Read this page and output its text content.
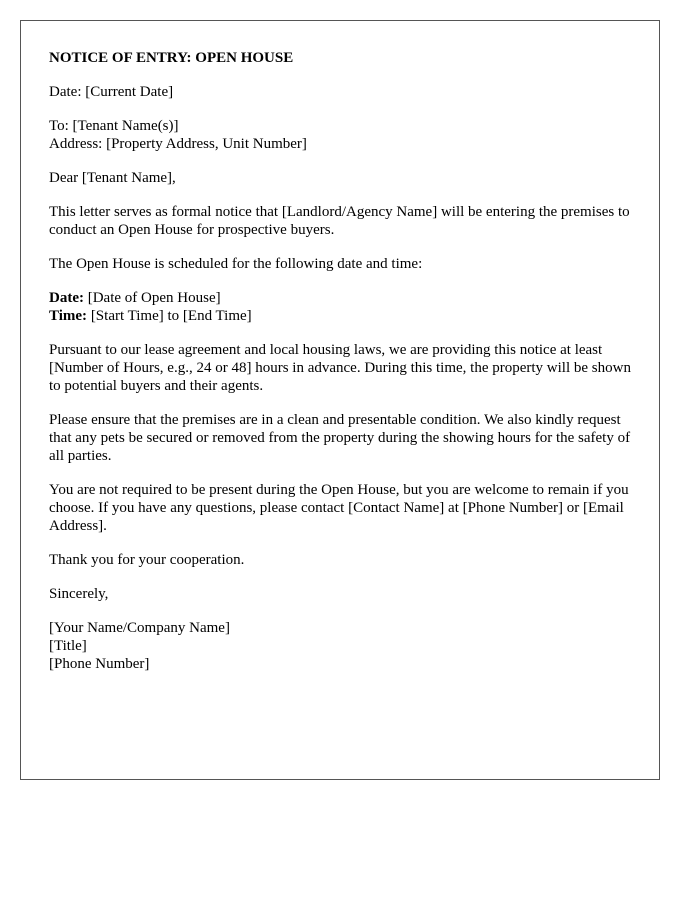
NOTICE OF ENTRY: OPEN HOUSE

Date: [Current Date]

To: [Tenant Name(s)]
Address: [Property Address, Unit Number]

Dear [Tenant Name],

This letter serves as formal notice that [Landlord/Agency Name] will be entering the premises to conduct an Open House for prospective buyers.

The Open House is scheduled for the following date and time:

Date: [Date of Open House]
Time: [Start Time] to [End Time]

Pursuant to our lease agreement and local housing laws, we are providing this notice at least [Number of Hours, e.g., 24 or 48] hours in advance. During this time, the property will be shown to potential buyers and their agents.

Please ensure that the premises are in a clean and presentable condition. We also kindly request that any pets be secured or removed from the property during the showing hours for the safety of all parties.

You are not required to be present during the Open House, but you are welcome to remain if you choose. If you have any questions, please contact [Contact Name] at [Phone Number] or [Email Address].

Thank you for your cooperation.

Sincerely,

[Your Name/Company Name]
[Title]
[Phone Number]
